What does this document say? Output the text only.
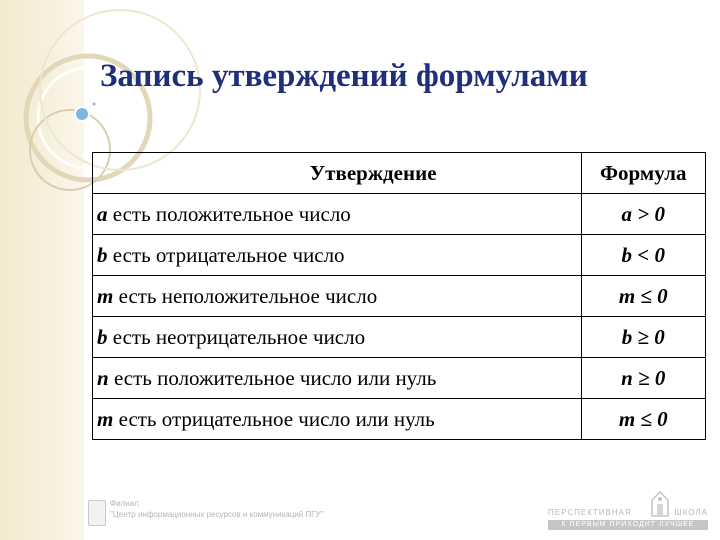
Запись утверждений формулами
Утверждение	Формула
a есть положительное число	a > 0
b есть отрицательное число	b < 0
m есть неположительное число	m ≤ 0
b есть неотрицательное число	b ≥ 0
n есть положительное число или нуль	n ≥ 0
m есть отрицательное число или нуль	m ≤ 0
Филиал
"Центр информационных ресурсов и коммуникаций ПГУ"	ПЕРСПЕКТИВНАЯ	ШКОЛА
К ПЕРВЫМ ПРИХОДИТ ЛУЧШЕЕ
